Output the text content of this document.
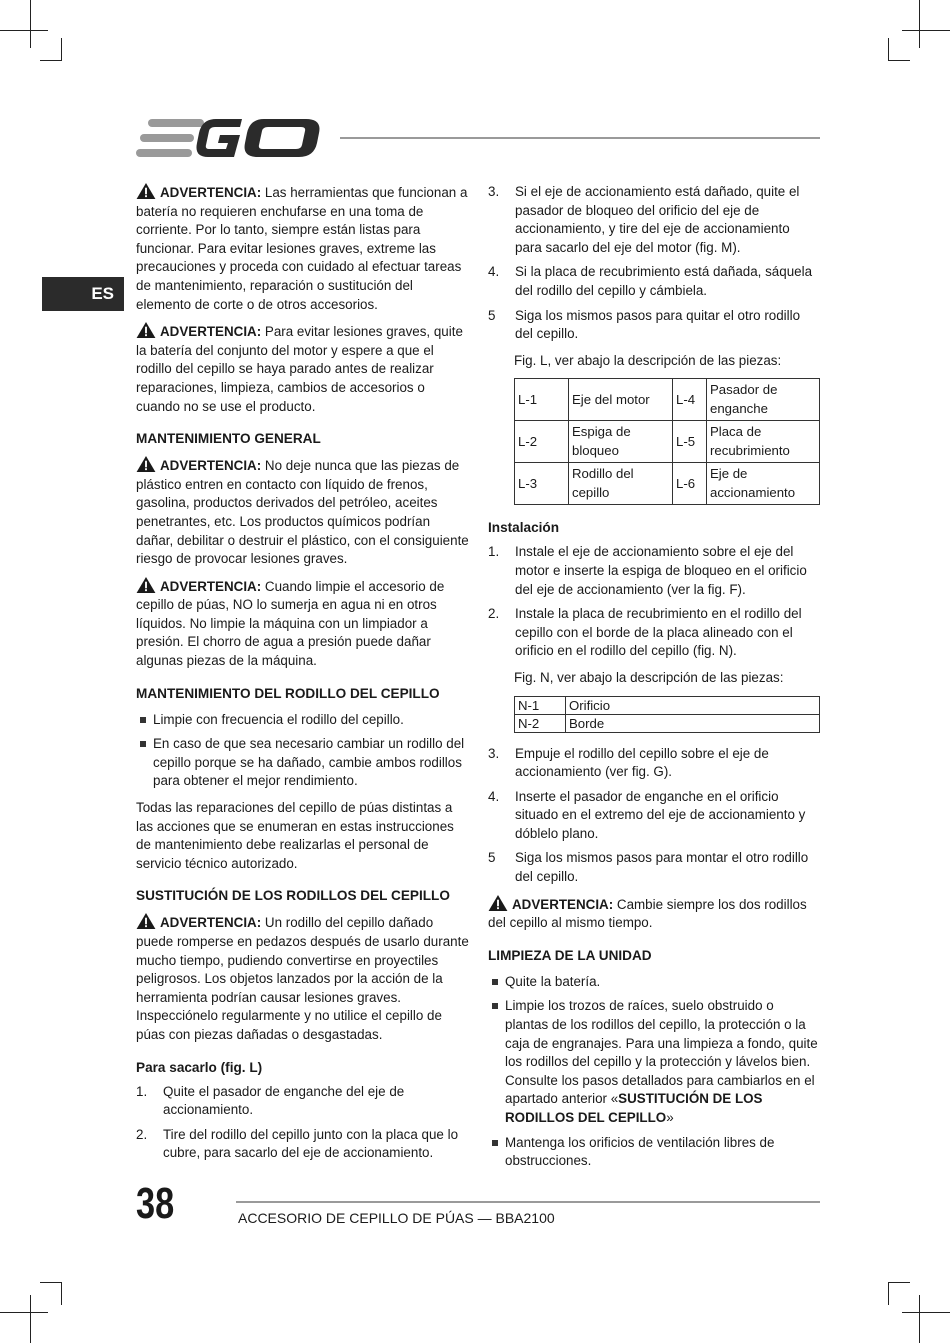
ES

ADVERTENCIA: Las herramientas que funcionan a batería no requieren enchufarse en una toma de corriente. Por lo tanto, siempre están listas para funcionar. Para evitar lesiones graves, extreme las precauciones y proceda con cuidado al efectuar tareas de mantenimiento, reparación o sustitución del elemento de corte o de otros accesorios.

ADVERTENCIA: Para evitar lesiones graves, quite la batería del conjunto del motor y espere a que el rodillo del cepillo se haya parado antes de realizar reparaciones, limpieza, cambios de accesorios o cuando no se use el producto.

MANTENIMIENTO GENERAL

ADVERTENCIA: No deje nunca que las piezas de plástico entren en contacto con líquido de frenos, gasolina, productos derivados del petróleo, aceites penetrantes, etc. Los productos químicos podrían dañar, debilitar o destruir el plástico, con el consiguiente riesgo de provocar lesiones graves.

ADVERTENCIA: Cuando limpie el accesorio de cepillo de púas, NO lo sumerja en agua ni en otros líquidos. No limpie la máquina con un limpiador a presión. El chorro de agua a presión puede dañar algunas piezas de la máquina.

MANTENIMIENTO DEL RODILLO DEL CEPILLO
Limpie con frecuencia el rodillo del cepillo.
En caso de que sea necesario cambiar un rodillo del cepillo porque se ha dañado, cambie ambos rodillos para obtener el mejor rendimiento.

Todas las reparaciones del cepillo de púas distintas a las acciones que se enumeran en estas instrucciones de mantenimiento debe realizarlas el personal de servicio técnico autorizado.

SUSTITUCIÓN DE LOS RODILLOS DEL CEPILLO

ADVERTENCIA: Un rodillo del cepillo dañado puede romperse en pedazos después de usarlo durante mucho tiempo, pudiendo convertirse en proyectiles peligrosos. Los objetos lanzados por la acción de la herramienta podrían causar lesiones graves. Inspecciónelo regularmente y no utilice el cepillo de púas con piezas dañadas o desgastadas.

Para sacarlo (fig. L)
1. Quite el pasador de enganche del eje de accionamiento.
2. Tire del rodillo del cepillo junto con la placa que lo cubre, para sacarlo del eje de accionamiento.
3. Si el eje de accionamiento está dañado, quite el pasador de bloqueo del orificio del eje de accionamiento, y tire del eje de accionamiento para sacarlo del eje del motor (fig. M).
4. Si la placa de recubrimiento está dañada, sáquela del rodillo del cepillo y cámbiela.
5 Siga los mismos pasos para quitar el otro rodillo del cepillo.

Fig. L, ver abajo la descripción de las piezas:

L-1	Eje del motor	L-4	Pasador de enganche
L-2	Espiga de bloqueo	L-5	Placa de recubrimiento
L-3	Rodillo del cepillo	L-6	Eje de accionamiento
Instalación
1. Instale el eje de accionamiento sobre el eje del motor e inserte la espiga de bloqueo en el orificio del eje de accionamiento (ver la fig. F).
2. Instale la placa de recubrimiento en el rodillo del cepillo con el borde de la placa alineado con el orificio en el rodillo del cepillo (fig. N).

Fig. N, ver abajo la descripción de las piezas:

N-1	Orificio
N-2	Borde
3. Empuje el rodillo del cepillo sobre el eje de accionamiento (ver fig. G).
4. Inserte el pasador de enganche en el orificio situado en el extremo del eje de accionamiento y dóblelo plano.
5 Siga los mismos pasos para montar el otro rodillo del cepillo.

ADVERTENCIA: Cambie siempre los dos rodillos del cepillo al mismo tiempo.

LIMPIEZA DE LA UNIDAD
Quite la batería.
Limpie los trozos de raíces, suelo obstruido o plantas de los rodillos del cepillo, la protección o la caja de engranajes. Para una limpieza a fondo, quite los rodillos del cepillo y la protección y lávelos bien. Consulte los pasos detallados para cambiarlos en el apartado anterior «SUSTITUCIÓN DE LOS RODILLOS DEL CEPILLO»
Mantenga los orificios de ventilación libres de obstrucciones.
38	ACCESORIO DE CEPILLO DE PÚAS — BBA2100
